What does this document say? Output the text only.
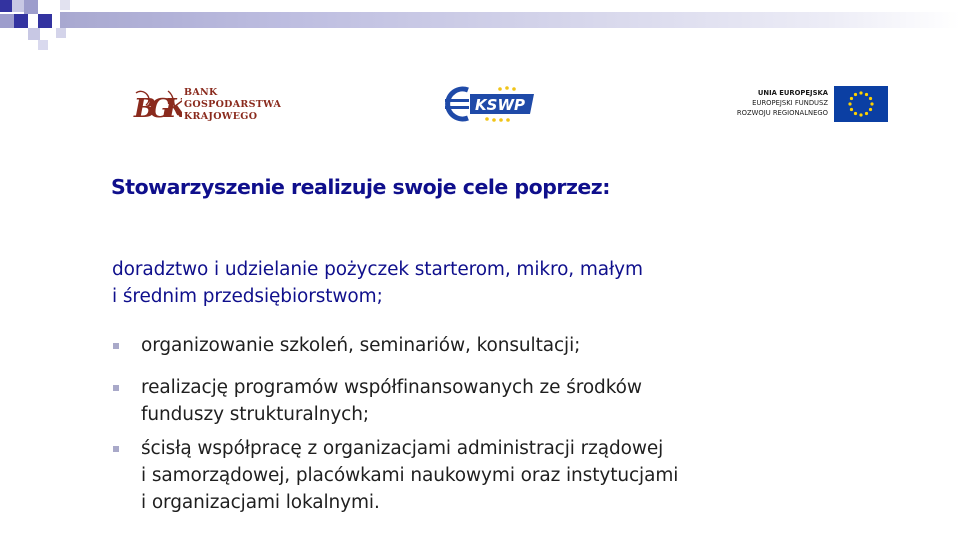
BGK
BANK
GOSPODARSTWA
KRAJOWEGO
KSWP
UNIA EUROPEJSKA
EUROPEJSKI FUNDUSZ
ROZWOJU REGIONALNEGO
Stowarzyszenie realizuje swoje cele poprzez:
doradztwo i udzielanie pożyczek starterom, mikro, małym
i średnim przedsiębiorstwom;
organizowanie szkoleń, seminariów, konsultacji;
realizację programów współfinansowanych ze środków
funduszy strukturalnych;
ścisłą współpracę z organizacjami administracji rządowej
i samorządowej, placówkami naukowymi oraz instytucjami
i organizacjami lokalnymi.
